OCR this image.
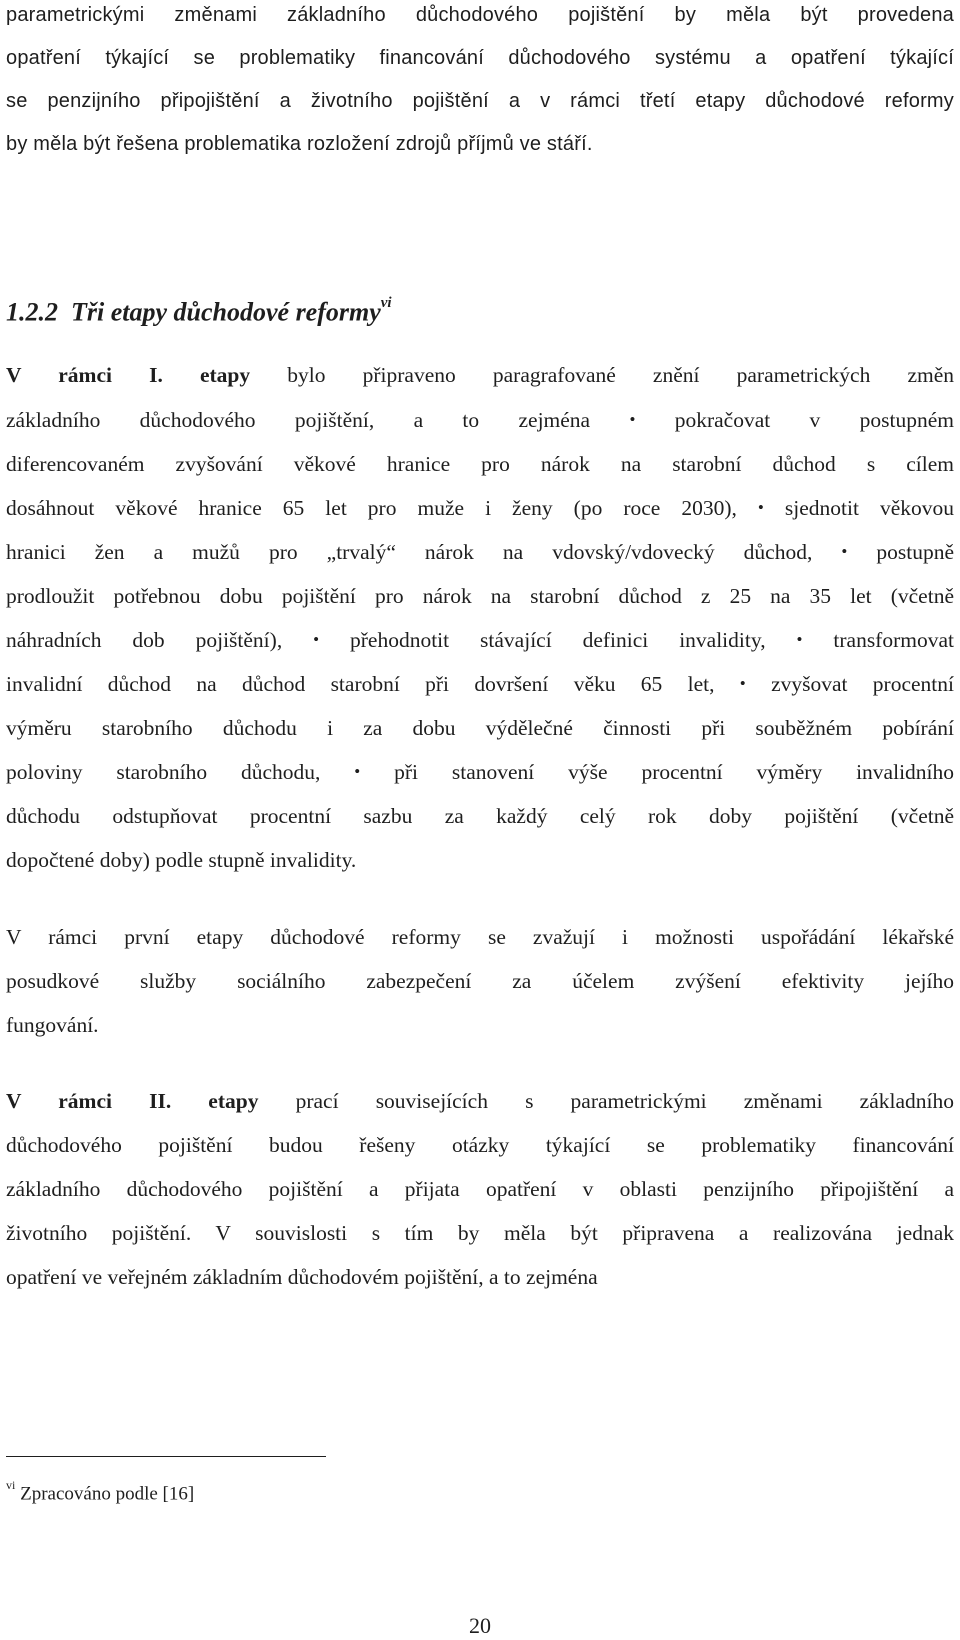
parametrickými změnami základního důchodového pojištění by měla být provedena
opatření týkající se problematiky financování důchodového systému a opatření týkající
se penzijního připojištění a životního pojištění a v rámci třetí etapy důchodové reformy
by měla být řešena problematika rozložení zdrojů příjmů ve stáří.
1.2.2 Tři etapy důchodové reformy$^{vi}$
V rámci I. etapy bylo připraveno paragrafované znění parametrických změn
základního důchodového pojištění, a to zejména • pokračovat v postupném
diferencovaném zvyšování věkové hranice pro nárok na starobní důchod s cílem
dosáhnout věkové hranice 65 let pro muže i ženy (po roce 2030), • sjednotit věkovou
hranici žen a mužů pro „trvalý“ nárok na vdovský/vdovecký důchod, • postupně
prodloužit potřebnou dobu pojištění pro nárok na starobní důchod z 25 na 35 let (včetně
náhradních dob pojištění), • přehodnotit stávající definici invalidity, • transformovat
invalidní důchod na důchod starobní při dovršení věku 65 let, • zvyšovat procentní
výměru starobního důchodu i za dobu výdělečné činnosti při souběžném pobírání
poloviny starobního důchodu, • při stanovení výše procentní výměry invalidního
důchodu odstupňovat procentní sazbu za každý celý rok doby pojištění (včetně
dopočtené doby) podle stupně invalidity.
V rámci první etapy důchodové reformy se zvažují i možnosti uspořádání lékařské
posudkové služby sociálního zabezpečení za účelem zvýšení efektivity jejího
fungování.
V rámci II. etapy prací souvisejících s parametrickými změnami základního
důchodového pojištění budou řešeny otázky týkající se problematiky financování
základního důchodového pojištění a přijata opatření v oblasti penzijního připojištění a
životního pojištění. V souvislosti s tím by měla být připravena a realizována jednak
opatření ve veřejném základním důchodovém pojištění, a to zejména
$^{vi}$ Zpracováno podle [16]
20
